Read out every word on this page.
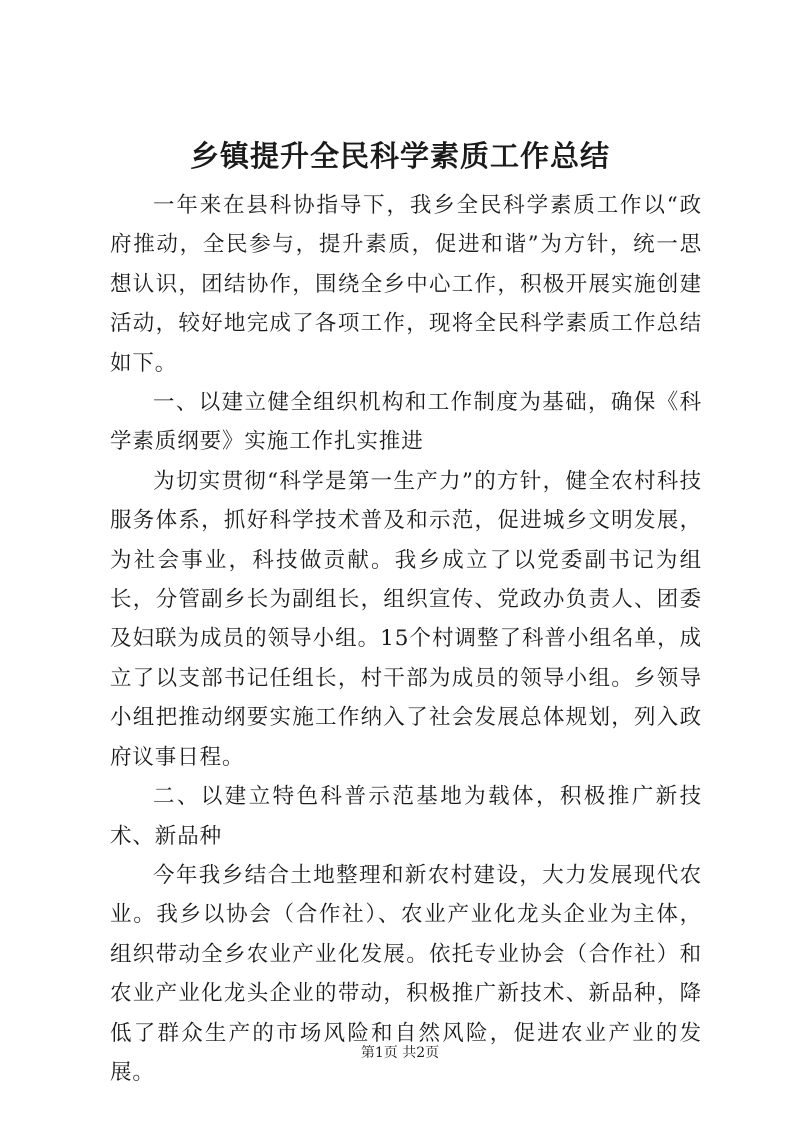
乡镇提升全民科学素质工作总结

一年来在县科协指导下，我乡全民科学素质工作以“政府推动，全民参与，提升素质，促进和谐”为方针，统一思想认识，团结协作，围绕全乡中心工作，积极开展实施创建活动，较好地完成了各项工作，现将全民科学素质工作总结如下。

一、以建立健全组织机构和工作制度为基础，确保《科学素质纲要》实施工作扎实推进

为切实贯彻“科学是第一生产力”的方针，健全农村科技服务体系，抓好科学技术普及和示范，促进城乡文明发展，为社会事业，科技做贡献。我乡成立了以党委副书记为组长，分管副乡长为副组长，组织宣传、党政办负责人、团委及妇联为成员的领导小组。15个村调整了科普小组名单，成立了以支部书记任组长，村干部为成员的领导小组。乡领导小组把推动纲要实施工作纳入了社会发展总体规划，列入政府议事日程。

二、以建立特色科普示范基地为载体，积极推广新技术、新品种

今年我乡结合土地整理和新农村建设，大力发展现代农业。我乡以协会（合作社）、农业产业化龙头企业为主体，组织带动全乡农业产业化发展。依托专业协会（合作社）和农业产业化龙头企业的带动，积极推广新技术、新品种，降低了群众生产的市场风险和自然风险，促进农业产业的发展。

第1页 共2页
